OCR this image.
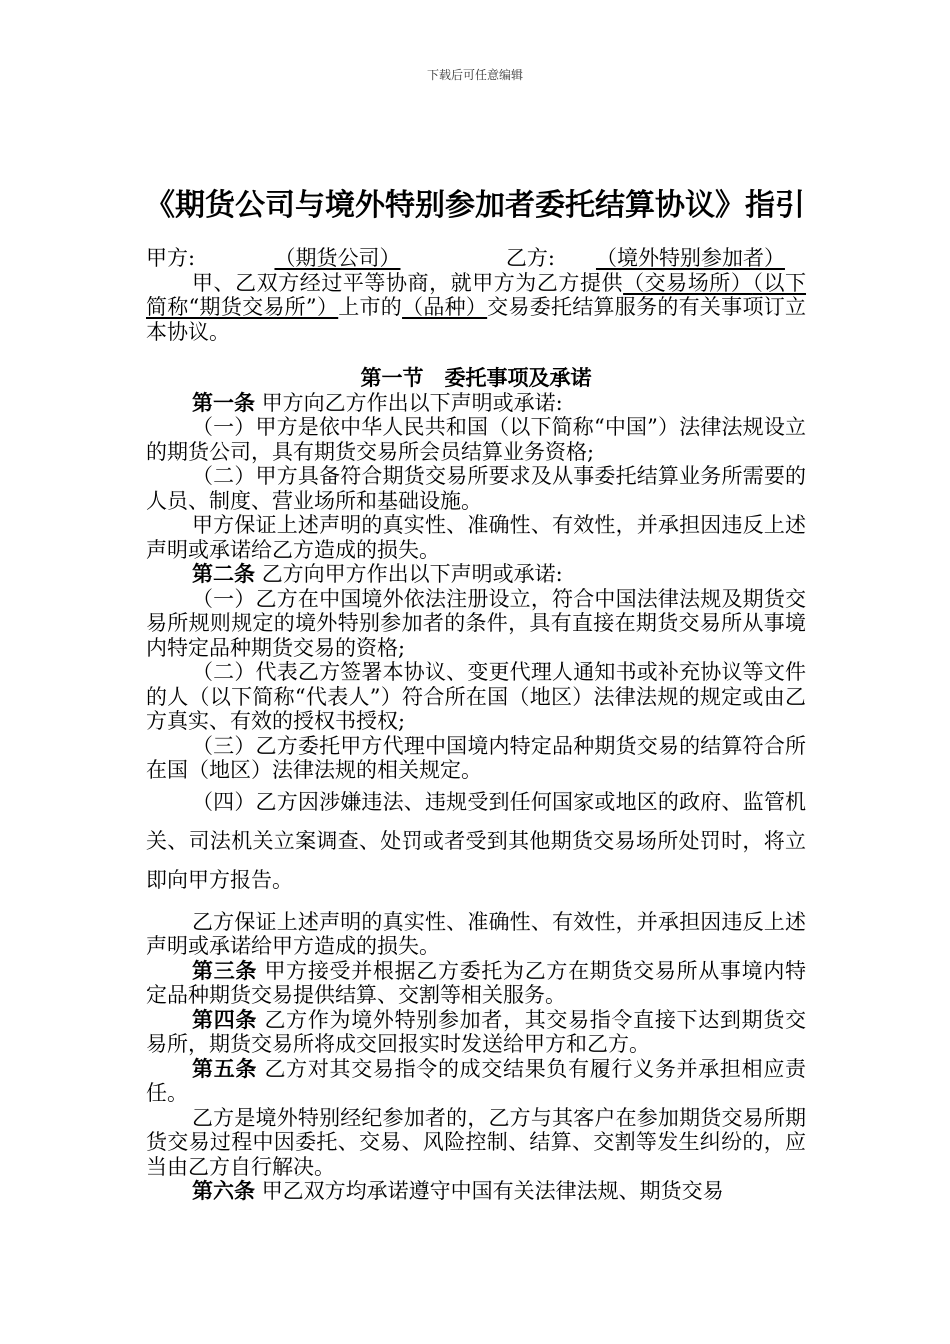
下载后可任意编辑
《期货公司与境外特别参加者委托结算协议》指引
甲方:	（期货公司）	乙方:	（境外特别参加者）

甲、乙双方经过平等协商，就甲方为乙方提供（交易场所）（以下简称“期货交易所”）上市的（品种）交易委托结算服务的有关事项订立本协议。

第一节　委托事项及承诺

第一条 甲方向乙方作出以下声明或承诺:

（一）甲方是依中华人民共和国（以下简称“中国”）法律法规设立的期货公司，具有期货交易所会员结算业务资格;

（二）甲方具备符合期货交易所要求及从事委托结算业务所需要的人员、制度、营业场所和基础设施。

甲方保证上述声明的真实性、准确性、有效性，并承担因违反上述声明或承诺给乙方造成的损失。

第二条 乙方向甲方作出以下声明或承诺:

（一）乙方在中国境外依法注册设立，符合中国法律法规及期货交易所规则规定的境外特别参加者的条件，具有直接在期货交易所从事境内特定品种期货交易的资格;

（二）代表乙方签署本协议、变更代理人通知书或补充协议等文件的人（以下简称“代表人”）符合所在国（地区）法律法规的规定或由乙方真实、有效的授权书授权;

（三）乙方委托甲方代理中国境内特定品种期货交易的结算符合所在国（地区）法律法规的相关规定。

（四）乙方因涉嫌违法、违规受到任何国家或地区的政府、监管机关、司法机关立案调查、处罚或者受到其他期货交易场所处罚时，将立即向甲方报告。

乙方保证上述声明的真实性、准确性、有效性，并承担因违反上述声明或承诺给甲方造成的损失。

第三条 甲方接受并根据乙方委托为乙方在期货交易所从事境内特定品种期货交易提供结算、交割等相关服务。

第四条 乙方作为境外特别参加者，其交易指令直接下达到期货交易所，期货交易所将成交回报实时发送给甲方和乙方。

第五条 乙方对其交易指令的成交结果负有履行义务并承担相应责任。

乙方是境外特别经纪参加者的，乙方与其客户在参加期货交易所期货交易过程中因委托、交易、风险控制、结算、交割等发生纠纷的，应当由乙方自行解决。

第六条 甲乙双方均承诺遵守中国有关法律法规、期货交易
